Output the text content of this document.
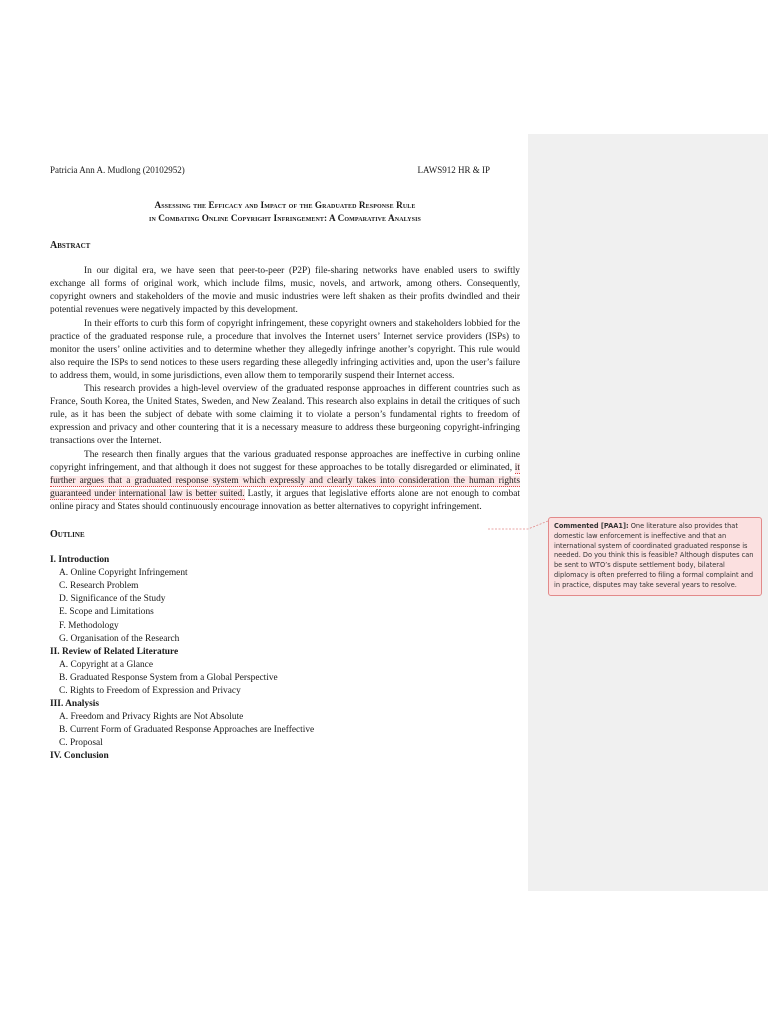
Patricia Ann A. Mudlong (20102952)	LAWS912 HR & IP
Assessing the Efficacy and Impact of the Graduated Response Rule
in Combating Online Copyright Infringement: A Comparative Analysis
Abstract

In our digital era, we have seen that peer-to-peer (P2P) file-sharing networks have enabled users to swiftly exchange all forms of original work, which include films, music, novels, and artwork, among others. Consequently, copyright owners and stakeholders of the movie and music industries were left shaken as their profits dwindled and their potential revenues were negatively impacted by this development.

In their efforts to curb this form of copyright infringement, these copyright owners and stakeholders lobbied for the practice of the graduated response rule, a procedure that involves the Internet users’ Internet service providers (ISPs) to monitor the users’ online activities and to determine whether they allegedly infringe another’s copyright. This rule would also require the ISPs to send notices to these users regarding these allegedly infringing activities and, upon the user’s failure to address them, would, in some jurisdictions, even allow them to temporarily suspend their Internet access.

This research provides a high-level overview of the graduated response approaches in different countries such as France, South Korea, the United States, Sweden, and New Zealand. This research also explains in detail the critiques of such rule, as it has been the subject of debate with some claiming it to violate a person’s fundamental rights to freedom of expression and privacy and other countering that it is a necessary measure to address these burgeoning copyright-infringing transactions over the Internet.

The research then finally argues that the various graduated response approaches are ineffective in curbing online copyright infringement, and that although it does not suggest for these approaches to be totally disregarded or eliminated, it further argues that a graduated response system which expressly and clearly takes into consideration the human rights guaranteed under international law is better suited. Lastly, it argues that legislative efforts alone are not enough to combat online piracy and States should continuously encourage innovation as better alternatives to copyright infringement.

Outline
I. Introduction
A. Online Copyright Infringement
C. Research Problem
D. Significance of the Study
E. Scope and Limitations
F. Methodology
G. Organisation of the Research
II. Review of Related Literature
A. Copyright at a Glance
B. Graduated Response System from a Global Perspective
C. Rights to Freedom of Expression and Privacy
III. Analysis
A. Freedom and Privacy Rights are Not Absolute
B. Current Form of Graduated Response Approaches are Ineffective
C. Proposal
IV. Conclusion
Commented [PAA1]: One literature also provides that domestic law enforcement is ineffective and that an international system of coordinated graduated response is needed. Do you think this is feasible? Although disputes can be sent to WTO’s dispute settlement body, bilateral diplomacy is often preferred to filing a formal complaint and in practice, disputes may take several years to resolve.
